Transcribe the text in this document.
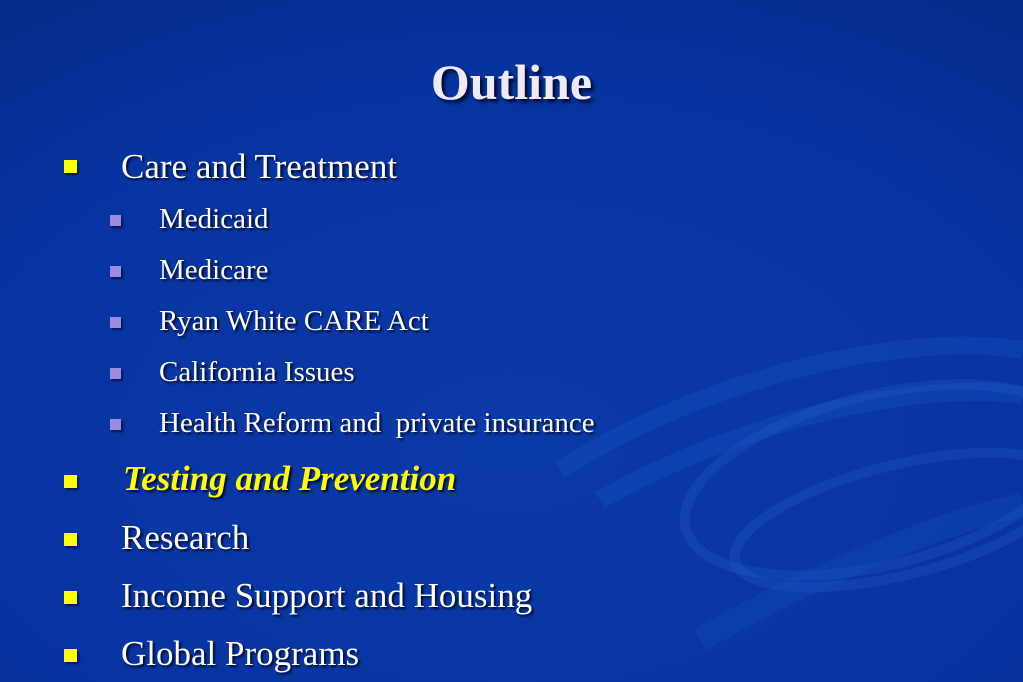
Outline
Care and Treatment
Medicaid
Medicare
Ryan White CARE Act
California Issues
Health Reform and  private insurance
Testing and Prevention
Research
Income Support and Housing
Global Programs
